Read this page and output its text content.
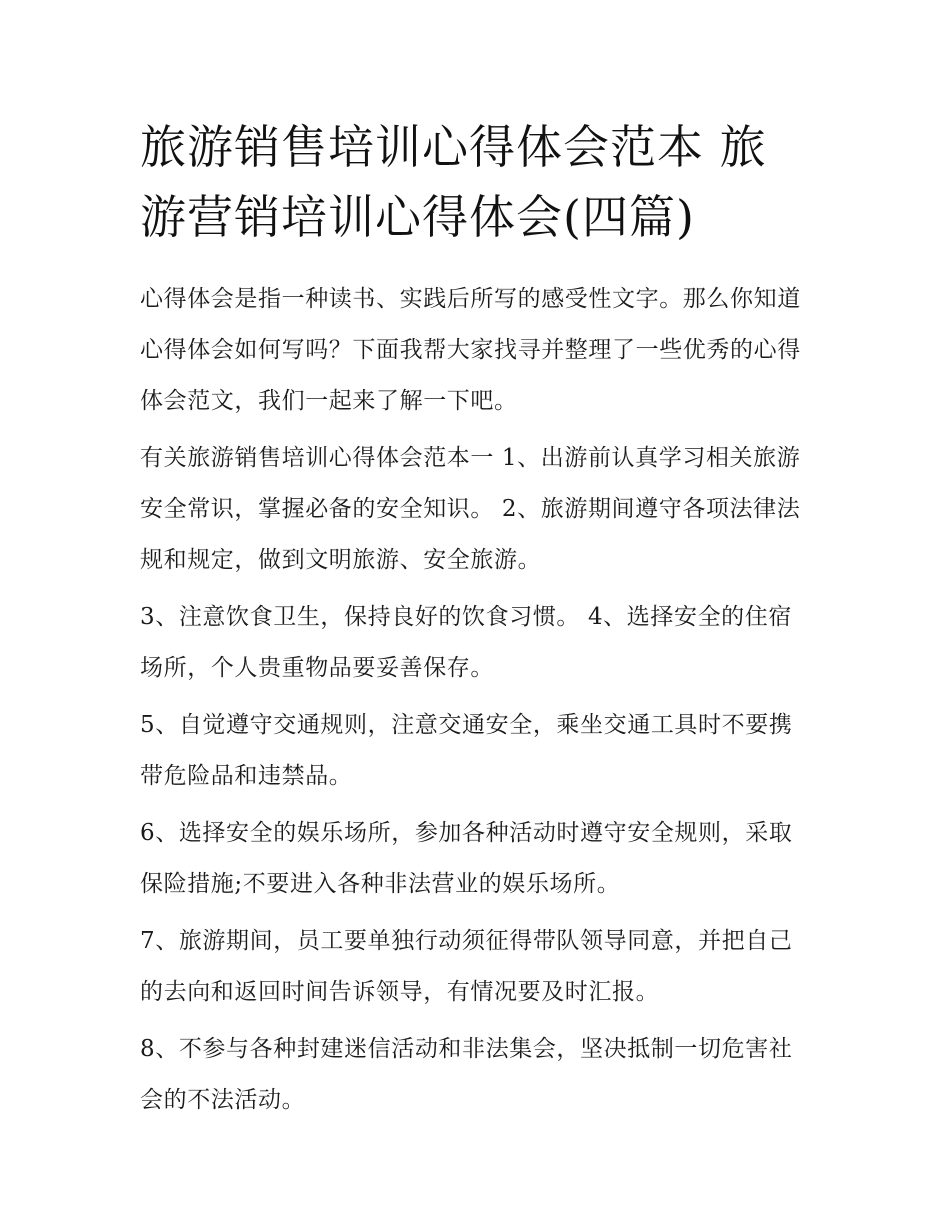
旅游销售培训心得体会范本 旅游营销培训心得体会(四篇)

心得体会是指一种读书、实践后所写的感受性文字。那么你知道心得体会如何写吗？下面我帮大家找寻并整理了一些优秀的心得体会范文，我们一起来了解一下吧。

有关旅游销售培训心得体会范本一 1、出游前认真学习相关旅游安全常识，掌握必备的安全知识。 2、旅游期间遵守各项法律法规和规定，做到文明旅游、安全旅游。

3、注意饮食卫生，保持良好的饮食习惯。 4、选择安全的住宿场所，个人贵重物品要妥善保存。

5、自觉遵守交通规则，注意交通安全，乘坐交通工具时不要携带危险品和违禁品。

6、选择安全的娱乐场所，参加各种活动时遵守安全规则，采取保险措施;不要进入各种非法营业的娱乐场所。

7、旅游期间，员工要单独行动须征得带队领导同意，并把自己的去向和返回时间告诉领导，有情况要及时汇报。

8、不参与各种封建迷信活动和非法集会，坚决抵制一切危害社会的不法活动。
